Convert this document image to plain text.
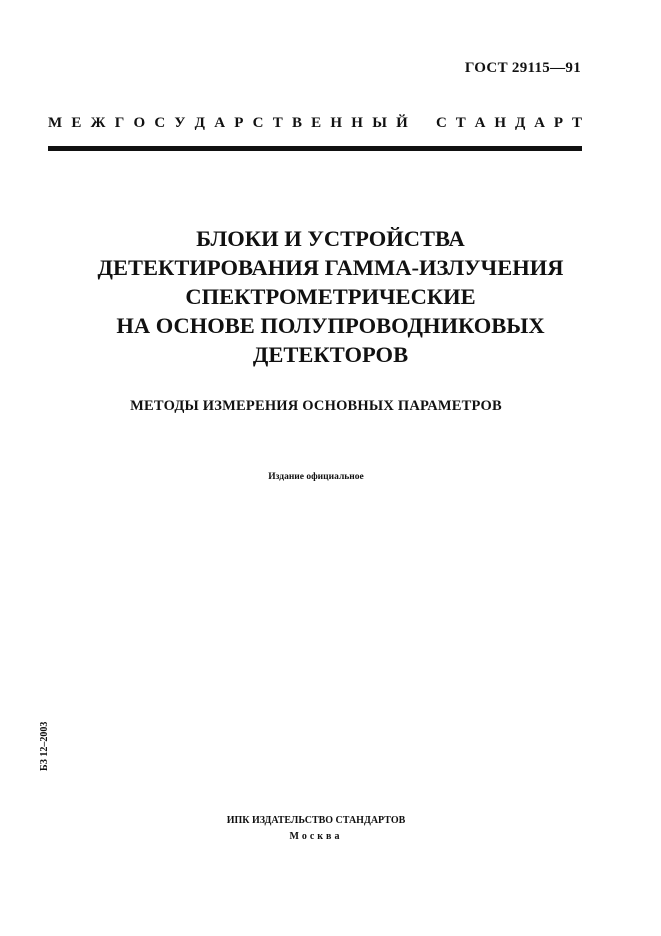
ГОСТ 29115—91
М Е Ж Г О С У Д А Р С Т В Е Н Н Ы Й С Т А Н Д А Р Т
БЛОКИ И УСТРОЙСТВА
ДЕТЕКТИРОВАНИЯ ГАММА-ИЗЛУЧЕНИЯ
СПЕКТРОМЕТРИЧЕСКИЕ
НА ОСНОВЕ ПОЛУПРОВОДНИКОВЫХ
ДЕТЕКТОРОВ
МЕТОДЫ ИЗМЕРЕНИЯ ОСНОВНЫХ ПАРАМЕТРОВ
Издание официальное
БЗ 12–2003
ИПК ИЗДАТЕЛЬСТВО СТАНДАРТОВ
Москва
